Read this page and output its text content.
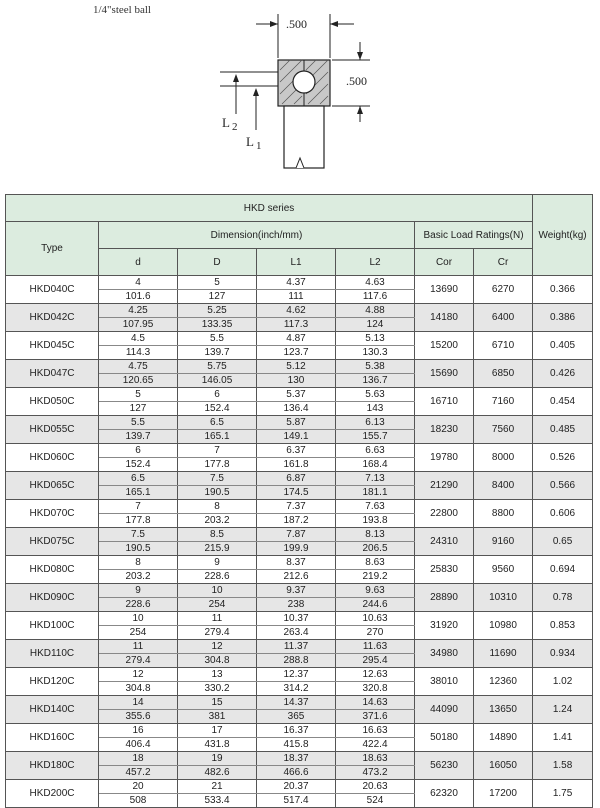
1/4"steel ball
.500
.500
L $_2$
L $_1$
HKD series							Weight(kg)
Type	Dimension(inch/mm)				Basic Load Ratings(N)		
	d	D	L1	L2	Cor	Cr	
HKD040C	4	5	4.37	4.63	13690	6270	0.366
	101.6	127	111	117.6			
HKD042C	4.25	5.25	4.62	4.88	14180	6400	0.386
	107.95	133.35	117.3	124			
HKD045C	4.5	5.5	4.87	5.13	15200	6710	0.405
	114.3	139.7	123.7	130.3			
HKD047C	4.75	5.75	5.12	5.38	15690	6850	0.426
	120.65	146.05	130	136.7			
HKD050C	5	6	5.37	5.63	16710	7160	0.454
	127	152.4	136.4	143			
HKD055C	5.5	6.5	5.87	6.13	18230	7560	0.485
	139.7	165.1	149.1	155.7			
HKD060C	6	7	6.37	6.63	19780	8000	0.526
	152.4	177.8	161.8	168.4			
HKD065C	6.5	7.5	6.87	7.13	21290	8400	0.566
	165.1	190.5	174.5	181.1			
HKD070C	7	8	7.37	7.63	22800	8800	0.606
	177.8	203.2	187.2	193.8			
HKD075C	7.5	8.5	7.87	8.13	24310	9160	0.65
	190.5	215.9	199.9	206.5			
HKD080C	8	9	8.37	8.63	25830	9560	0.694
	203.2	228.6	212.6	219.2			
HKD090C	9	10	9.37	9.63	28890	10310	0.78
	228.6	254	238	244.6			
HKD100C	10	11	10.37	10.63	31920	10980	0.853
	254	279.4	263.4	270			
HKD110C	11	12	11.37	11.63	34980	11690	0.934
	279.4	304.8	288.8	295.4			
HKD120C	12	13	12.37	12.63	38010	12360	1.02
	304.8	330.2	314.2	320.8			
HKD140C	14	15	14.37	14.63	44090	13650	1.24
	355.6	381	365	371.6			
HKD160C	16	17	16.37	16.63	50180	14890	1.41
	406.4	431.8	415.8	422.4			
HKD180C	18	19	18.37	18.63	56230	16050	1.58
	457.2	482.6	466.6	473.2			
HKD200C	20	21	20.37	20.63	62320	17200	1.75
	508	533.4	517.4	524			
